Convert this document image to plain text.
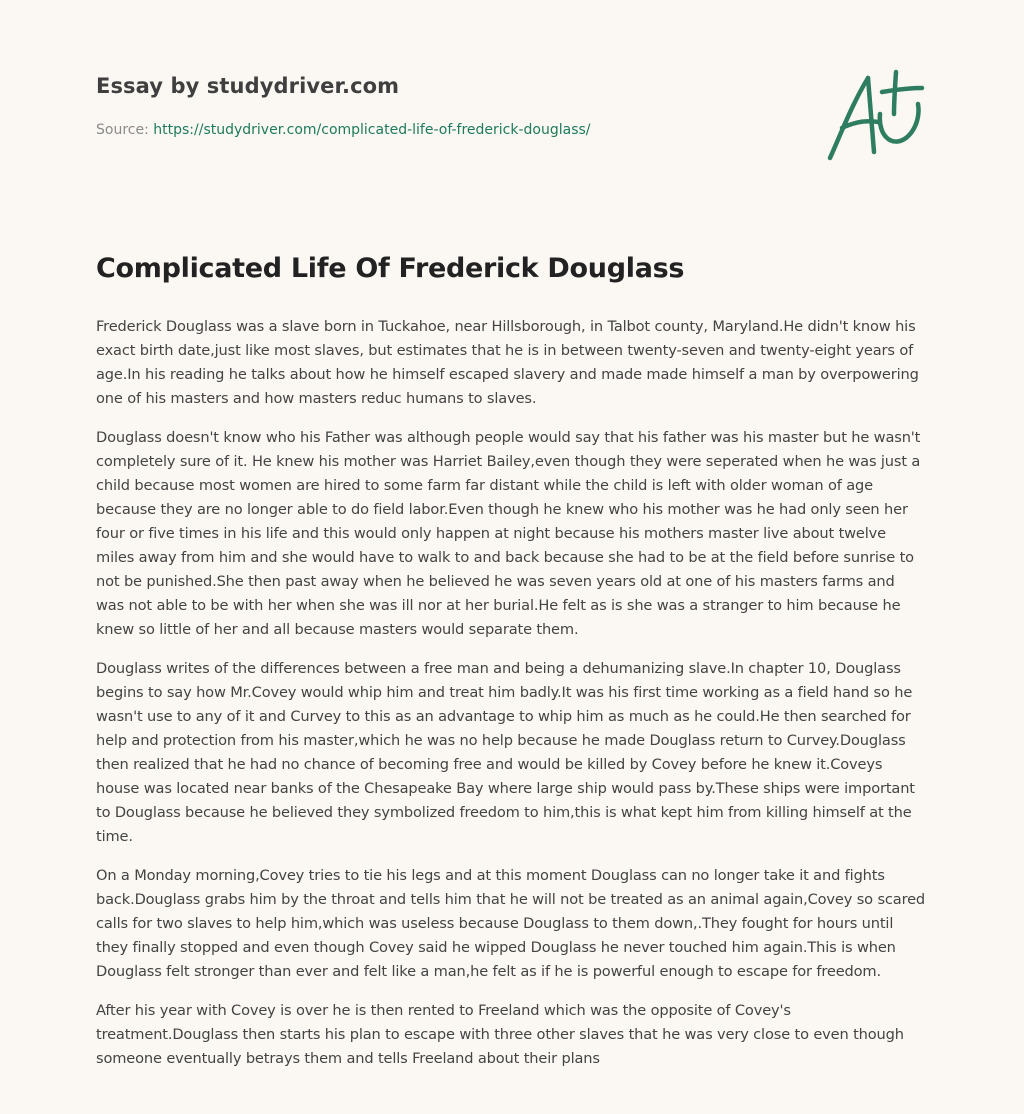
Essay by studydriver.com
Source: https://studydriver.com/complicated-life-of-frederick-douglass/
Complicated Life Of Frederick Douglass

Frederick Douglass was a slave born in Tuckahoe, near Hillsborough, in Talbot county, Maryland.He didn't know his exact birth date,just like most slaves, but estimates that he is in between twenty-seven and twenty-eight years of age.In his reading he talks about how he himself escaped slavery and made made himself a man by overpowering one of his masters and how masters reduc humans to slaves.

Douglass doesn't know who his Father was although people would say that his father was his master but he wasn't completely sure of it. He knew his mother was Harriet Bailey,even though they were seperated when he was just a child because most women are hired to some farm far distant while the child is left with older woman of age because they are no longer able to do field labor.Even though he knew who his mother was he had only seen her four or five times in his life and this would only happen at night because his mothers master live about twelve miles away from him and she would have to walk to and back because she had to be at the field before sunrise to not be punished.She then past away when he believed he was seven years old at one of his masters farms and was not able to be with her when she was ill nor at her burial.He felt as is she was a stranger to him because he knew so little of her and all because masters would separate them.

Douglass writes of the differences between a free man and being a dehumanizing slave.In chapter 10, Douglass begins to say how Mr.Covey would whip him and treat him badly.It was his first time working as a field hand so he wasn't use to any of it and Curvey to this as an advantage to whip him as much as he could.He then searched for help and protection from his master,which he was no help because he made Douglass return to Curvey.Douglass then realized that he had no chance of becoming free and would be killed by Covey before he knew it.Coveys house was located near banks of the Chesapeake Bay where large ship would pass by.These ships were important to Douglass because he believed they symbolized freedom to him,this is what kept him from killing himself at the time.

On a Monday morning,Covey tries to tie his legs and at this moment Douglass can no longer take it and fights back.Douglass grabs him by the throat and tells him that he will not be treated as an animal again,Covey so scared calls for two slaves to help him,which was useless because Douglass to them down,.They fought for hours until they finally stopped and even though Covey said he wipped Douglass he never touched him again.This is when Douglass felt stronger than ever and felt like a man,he felt as if he is powerful enough to escape for freedom.

After his year with Covey is over he is then rented to Freeland which was the opposite of Covey's treatment.Douglass then starts his plan to escape with three other slaves that he was very close to even though someone eventually betrays them and tells Freeland about their plans
